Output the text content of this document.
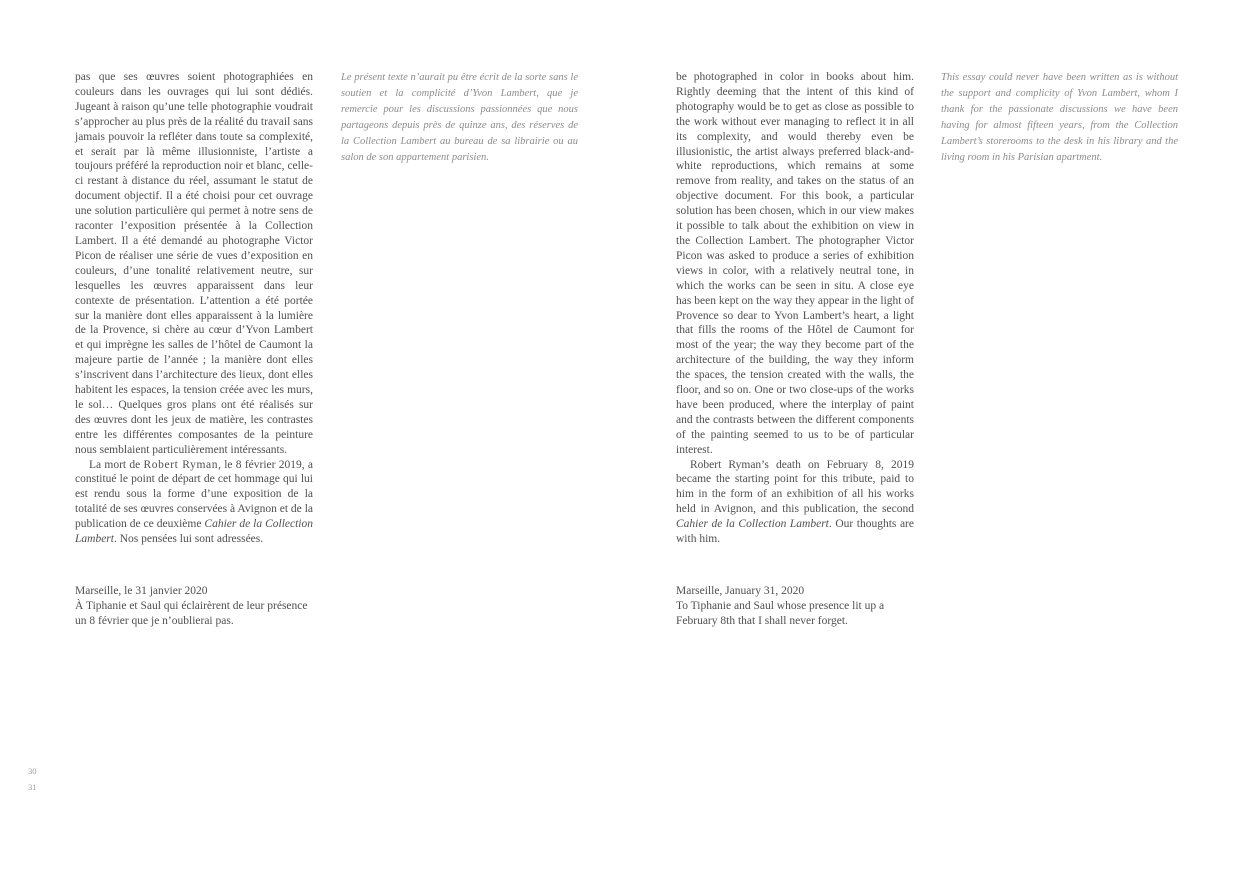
pas que ses œuvres soient photographiées en couleurs dans les ouvrages qui lui sont dédiés. Jugeant à raison qu’une telle photographie voudrait s’approcher au plus près de la réalité du travail sans jamais pouvoir la refléter dans toute sa complexité, et serait par là même illusionniste, l’artiste a toujours préféré la reproduction noir et blanc, celle-ci restant à distance du réel, assumant le statut de document objectif. Il a été choisi pour cet ouvrage une solution particulière qui permet à notre sens de raconter l’exposition présentée à la Collection Lambert. Il a été demandé au photographe Victor Picon de réaliser une série de vues d’exposition en couleurs, d’une tonalité relativement neutre, sur lesquelles les œuvres apparaissent dans leur contexte de présentation. L’attention a été portée sur la manière dont elles apparaissent à la lumière de la Provence, si chère au cœur d’Yvon Lambert et qui imprègne les salles de l’hôtel de Caumont la majeure partie de l’année ; la manière dont elles s’inscrivent dans l’architecture des lieux, dont elles habitent les espaces, la tension créée avec les murs, le sol… Quelques gros plans ont été réalisés sur des œuvres dont les jeux de matière, les contrastes entre les différentes composantes de la peinture nous semblaient particulièrement intéressants.

La mort de Robert Ryman, le 8 février 2019, a constitué le point de départ de cet hommage qui lui est rendu sous la forme d’une exposition de la totalité de ses œuvres conservées à Avignon et de la publication de ce deuxième Cahier de la Collection Lambert. Nos pensées lui sont adressées.

Marseille, le 31 janvier 2020
À Tiphanie et Saul qui éclairèrent de leur présence un 8 février que je n’oublierai pas.
Le présent texte n’aurait pu être écrit de la sorte sans le soutien et la complicité d’Yvon Lambert, que je remercie pour les discussions passionnées que nous partageons depuis près de quinze ans, des réserves de la Collection Lambert au bureau de sa librairie ou au salon de son appartement parisien.

be photographed in color in books about him. Rightly deeming that the intent of this kind of photography would be to get as close as possible to the work without ever managing to reflect it in all its complexity, and would thereby even be illusionistic, the artist always preferred black-and-white reproductions, which remains at some remove from reality, and takes on the status of an objective document. For this book, a particular solution has been chosen, which in our view makes it possible to talk about the exhibition on view in the Collection Lambert. The photographer Victor Picon was asked to produce a series of exhibition views in color, with a relatively neutral tone, in which the works can be seen in situ. A close eye has been kept on the way they appear in the light of Provence so dear to Yvon Lambert’s heart, a light that fills the rooms of the Hôtel de Caumont for most of the year; the way they become part of the architecture of the building, the way they inform the spaces, the tension created with the walls, the floor, and so on. One or two close-ups of the works have been produced, where the interplay of paint and the contrasts between the different components of the painting seemed to us to be of particular interest.

Robert Ryman’s death on February 8, 2019 became the starting point for this tribute, paid to him in the form of an exhibition of all his works held in Avignon, and this publication, the second Cahier de la Collection Lambert. Our thoughts are with him.

Marseille, January 31, 2020
To Tiphanie and Saul whose presence lit up a February 8th that I shall never forget.
This essay could never have been written as is without the support and complicity of Yvon Lambert, whom I thank for the passionate discussions we have been having for almost fifteen years, from the Collection Lambert’s storerooms to the desk in his library and the living room in his Parisian apartment.
30
31
